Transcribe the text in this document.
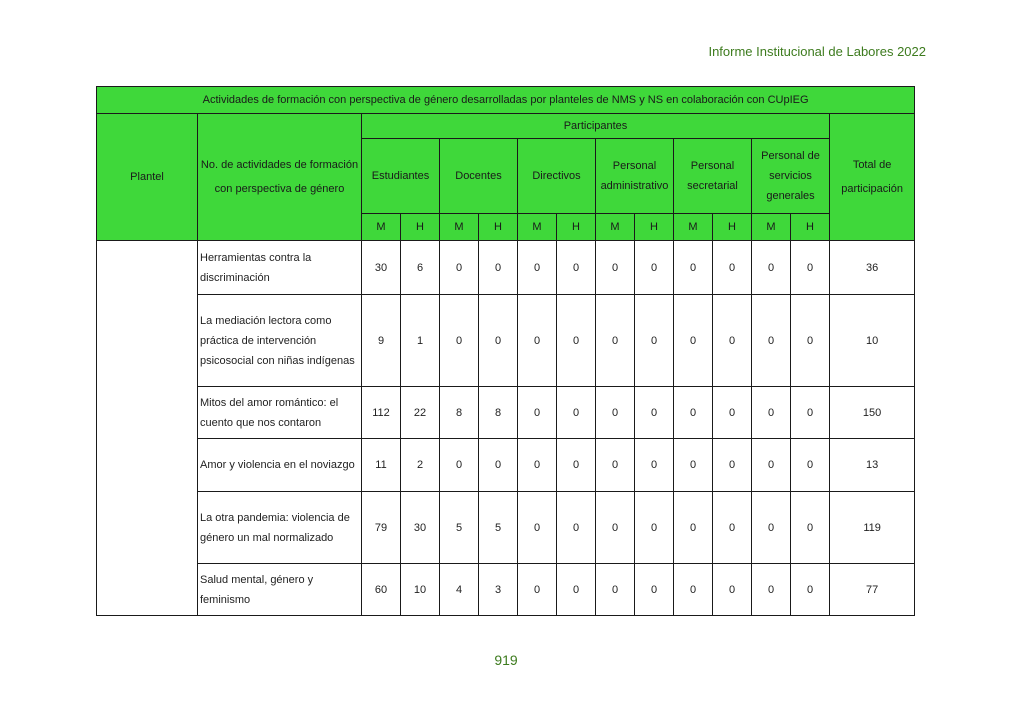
Informe Institucional de Labores 2022
Actividades de formación con perspectiva de género desarrolladas por planteles de NMS y NS en colaboración con CUpIEG														
Plantel	No. de actividades de formación con perspectiva de género	Participantes												Total de participación
		Estudiantes		Docentes		Directivos		Personal administrativo		Personal secretarial		Personal de servicios generales		
		M	H	M	H	M	H	M	H	M	H	M	H	
	Herramientas contra la discriminación	30	6	0	0	0	0	0	0	0	0	0	0	36
	La mediación lectora como práctica de intervención psicosocial con niñas indígenas	9	1	0	0	0	0	0	0	0	0	0	0	10
	Mitos del amor romántico: el cuento que nos contaron	112	22	8	8	0	0	0	0	0	0	0	0	150
	Amor y violencia en el noviazgo	11	2	0	0	0	0	0	0	0	0	0	0	13
	La otra pandemia: violencia de género un mal normalizado	79	30	5	5	0	0	0	0	0	0	0	0	119
	Salud mental, género y feminismo	60	10	4	3	0	0	0	0	0	0	0	0	77
919
